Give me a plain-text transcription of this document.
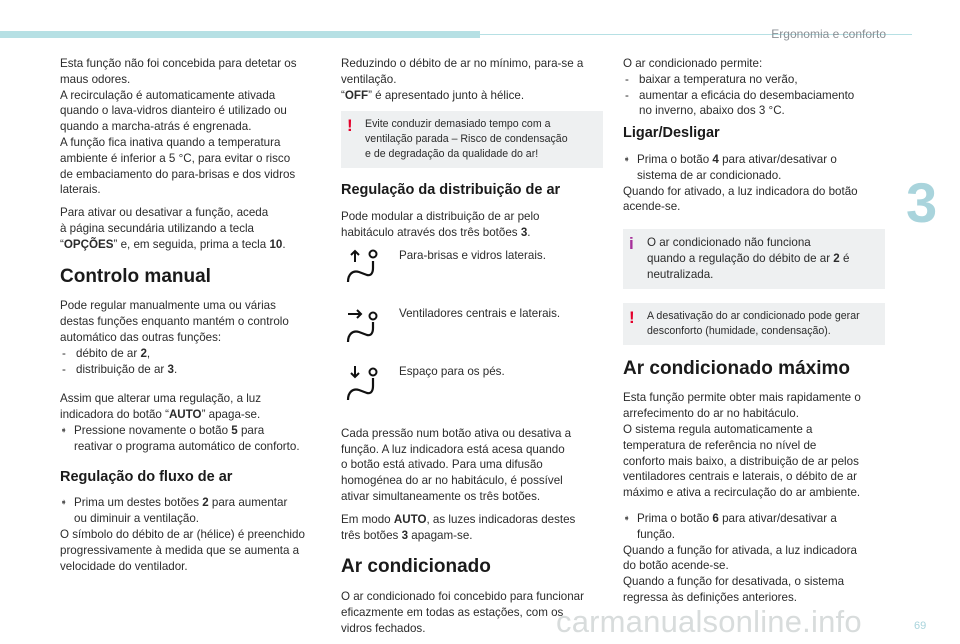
Ergonomia e conforto
3
69
carmanualsonline.info

Esta função não foi concebida para detetar os
maus odores.
A recirculação é automaticamente ativada
quando o lava-vidros dianteiro é utilizado ou
quando a marcha-atrás é engrenada.
A função fica inativa quando a temperatura
ambiente é inferior a 5 °C, para evitar o risco
de embaciamento do para-brisas e dos vidros
laterais.

Para ativar ou desativar a função, aceda
à página secundária utilizando a tecla
“OPÇÕES” e, em seguida, prima a tecla 10.

Controlo manual

Pode regular manualmente uma ou várias
destas funções enquanto mantém o controlo
automático das outras funções:
- débito de ar 2,
- distribuição de ar 3.

Assim que alterar uma regulação, a luz
indicadora do botão “AUTO” apaga-se.
➧ Pressione novamente o botão 5 para
reativar o programa automático de conforto.

Regulação do fluxo de ar

➧ Prima um destes botões 2 para aumentar
ou diminuir a ventilação.
O símbolo do débito de ar (hélice) é preenchido
progressivamente à medida que se aumenta a
velocidade do ventilador.

Reduzindo o débito de ar no mínimo, para-se a
ventilação.
“OFF” é apresentado junto à hélice.

! Evite conduzir demasiado tempo com a
ventilação parada – Risco de condensação
e de degradação da qualidade do ar!
Regulação da distribuição de ar

Pode modular a distribuição de ar pelo
habitáculo através dos três botões 3.

Para-brisas e vidros laterais.
Ventiladores centrais e laterais.
Espaço para os pés.

Cada pressão num botão ativa ou desativa a
função. A luz indicadora está acesa quando
o botão está ativado. Para uma difusão
homogénea do ar no habitáculo, é possível
ativar simultaneamente os três botões.

Em modo AUTO, as luzes indicadoras destes
três botões 3 apagam-se.

Ar condicionado

O ar condicionado foi concebido para funcionar
eficazmente em todas as estações, com os
vidros fechados.

O ar condicionado permite:
- baixar a temperatura no verão,
- aumentar a eficácia do desembaciamento
no inverno, abaixo dos 3 °C.

Ligar/Desligar

➧ Prima o botão 4 para ativar/desativar o
sistema de ar condicionado.
Quando for ativado, a luz indicadora do botão
acende-se.

i O ar condicionado não funciona
quando a regulação do débito de ar 2 é
neutralizada.
! A desativação do ar condicionado pode gerar
desconforto (humidade, condensação).
Ar condicionado máximo

Esta função permite obter mais rapidamente o
arrefecimento do ar no habitáculo.
O sistema regula automaticamente a
temperatura de referência no nível de
conforto mais baixo, a distribuição de ar pelos
ventiladores centrais e laterais, o débito de ar
máximo e ativa a recirculação do ar ambiente.

➧ Prima o botão 6 para ativar/desativar a
função.
Quando a função for ativada, a luz indicadora
do botão acende-se.
Quando a função for desativada, o sistema
regressa às definições anteriores.
